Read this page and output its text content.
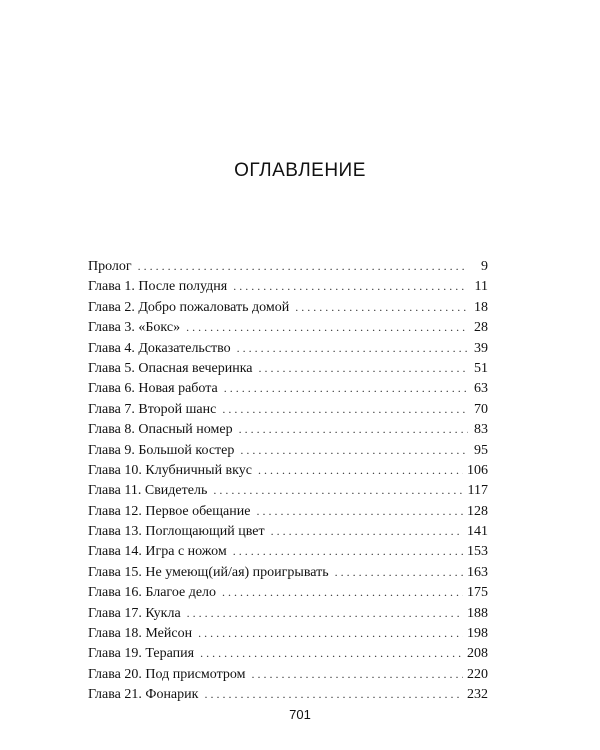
ОГЛАВЛЕНИЕ
Пролог . . .	9
Глава 1. После полудня . . .	11
Глава 2. Добро пожаловать домой . . .	18
Глава 3. «Бокс» . . .	28
Глава 4. Доказательство . . .	39
Глава 5. Опасная вечеринка . . .	51
Глава 6. Новая работа . . .	63
Глава 7. Второй шанс . . .	70
Глава 8. Опасный номер . . .	83
Глава 9. Большой костер . . .	95
Глава 10. Клубничный вкус . . .	106
Глава 11. Свидетель . . .	117
Глава 12. Первое обещание . . .	128
Глава 13. Поглощающий цвет . . .	141
Глава 14. Игра с ножом . . .	153
Глава 15. Не умеющ(ий/ая) проигрывать . . .	163
Глава 16. Благое дело . . .	175
Глава 17. Кукла . . .	188
Глава 18. Мейсон . . .	198
Глава 19. Терапия . . .	208
Глава 20. Под присмотром . . .	220
Глава 21. Фонарик . . .	232
701
